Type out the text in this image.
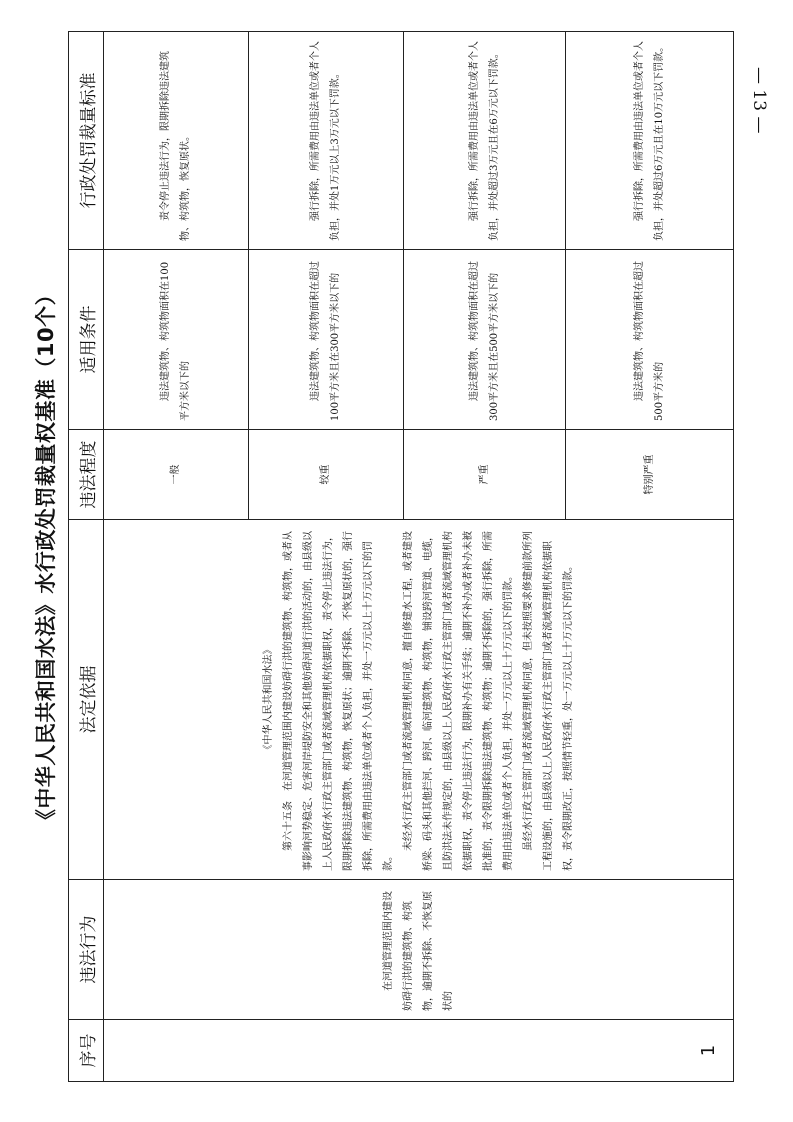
— 13 —
《中华人民共和国水法》水行政处罚裁量权基准（10个）
序号	违法行为	法定依据	违法程度	适用条件	行政处罚裁量标准
1	在河道管理范围内建设妨碍行洪的建筑物、构筑物，逾期不拆除、不恢复原状的	《中华人民共和国水法》 第六十五条　在河道管理范围内建设妨碍行洪的建筑物、构筑物，或者从事影响河势稳定、危害河岸堤防安全和其他妨碍河道行洪的活动的，由县级以上人民政府水行政主管部门或者流域管理机构依据职权，责令停止违法行为，限期拆除违法建筑物、构筑物，恢复原状；逾期不拆除、不恢复原状的，强行拆除，所需费用由违法单位或者个人负担，并处一万元以上十万元以下的罚款。

未经水行政主管部门或者流域管理机构同意，擅自修建水工程，或者建设桥梁、码头和其他拦河、跨河、临河建筑物、构筑物，铺设跨河管道、电缆，且防洪法未作规定的，由县级以上人民政府水行政主管部门或者流域管理机构依据职权，责令停止违法行为，限期补办有关手续；逾期不补办或者补办未被批准的，责令限期拆除违法建筑物、构筑物；逾期不拆除的，强行拆除，所需费用由违法单位或者个人负担，并处一万元以上十万元以下的罚款。 虽经水行政主管部门或者流域管理机构同意，但未按照要求修建前款所列工程设施的，由县级以上人民政府水行政主管部门或者流域管理机构依据职权，责令限期改正，按照情节轻重，处一万元以上十万元以下的罚款。	一般	违法建筑物、构筑物面积在100平方米以下的	责令停止违法行为，限期拆除违法建筑物、构筑物，恢复原状。

			较重	违法建筑物、构筑物面积在超过100平方米且在300平方米以下的	强行拆除，所需费用由违法单位或者个人负担，并处1万元以上3万元以下罚款。

			严重	违法建筑物、构筑物面积在超过300平方米且在500平方米以下的	强行拆除，所需费用由违法单位或者个人负担，并处超过3万元且在6万元以下罚款。

			特别严重	违法建筑物、构筑物面积在超过500平方米的	强行拆除，所需费用由违法单位或者个人负担，并处超过6万元且在10万元以下罚款。
